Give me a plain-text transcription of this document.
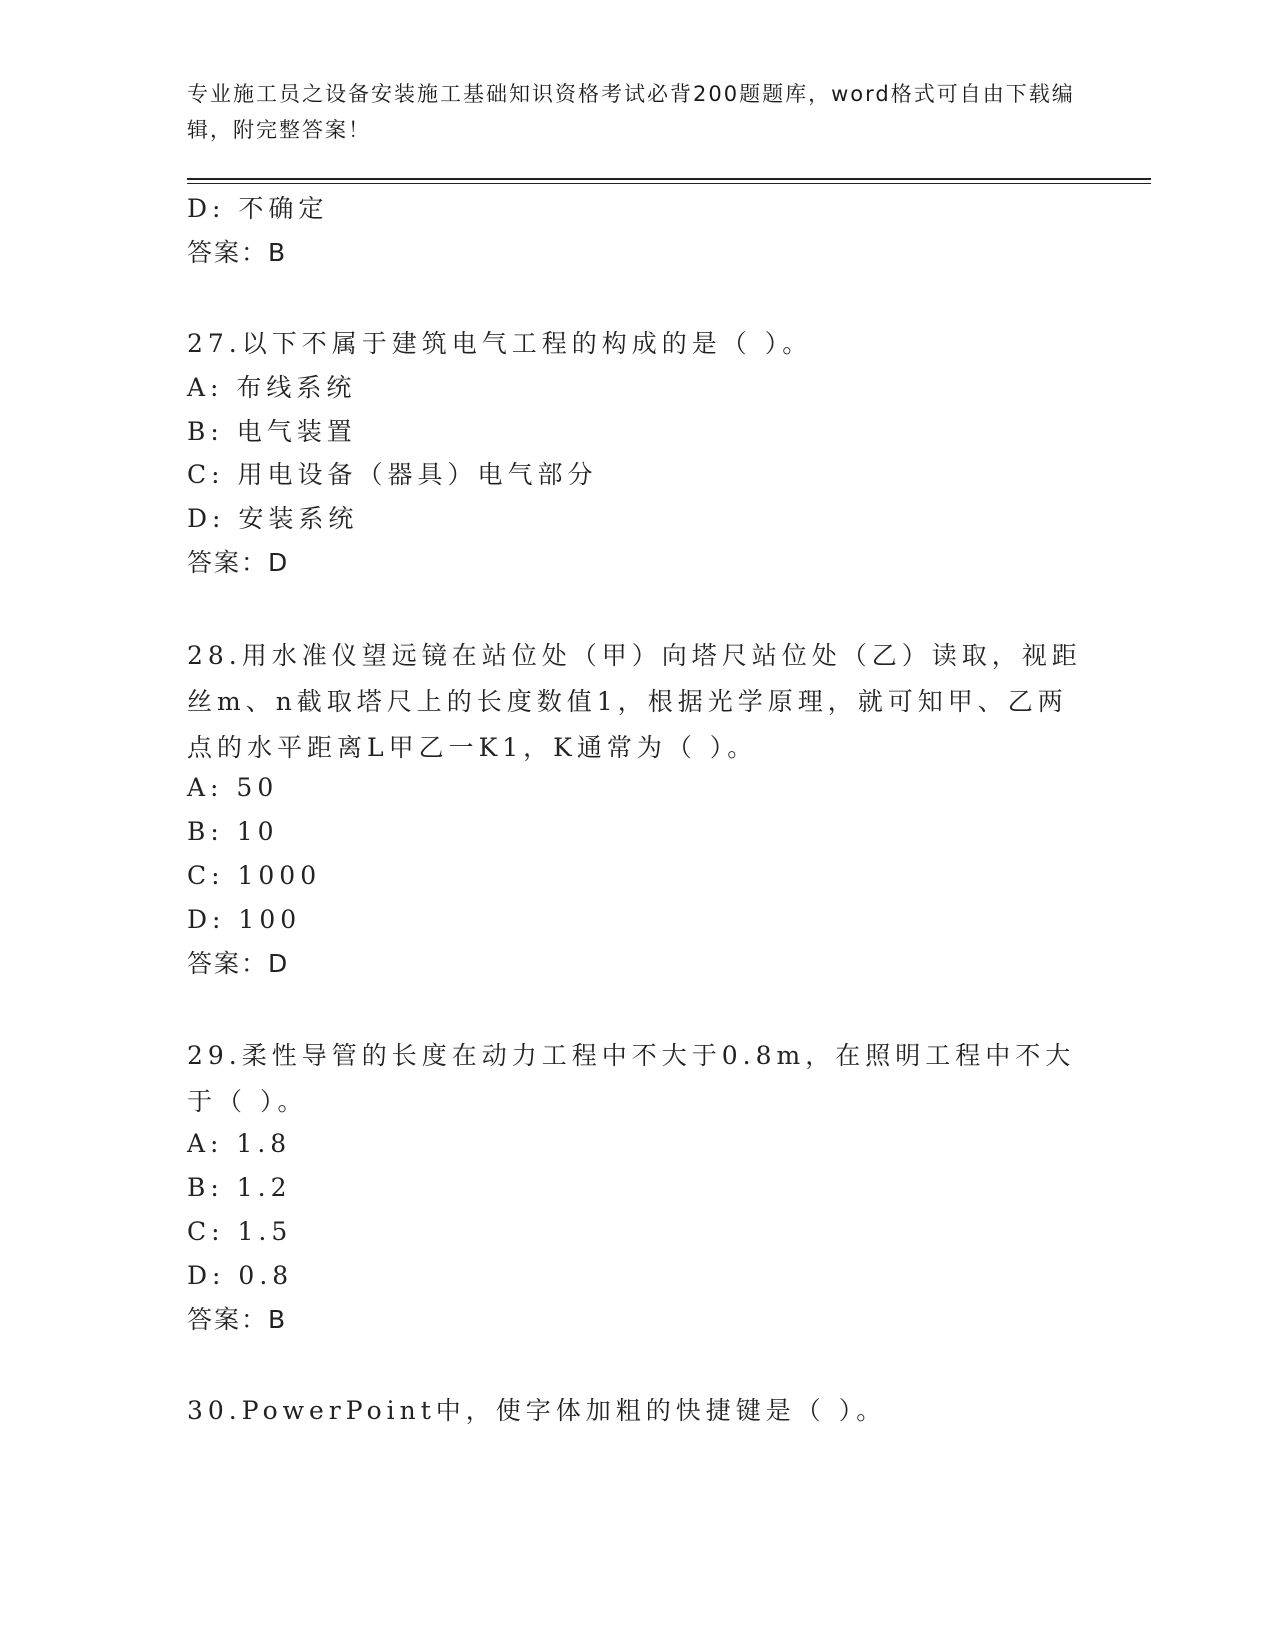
专业施工员之设备安装施工基础知识资格考试必背200题题库，word格式可自由下载编辑，附完整答案！
D: 不确定
答案：B
27.以下不属于建筑电气工程的构成的是（ ）。
A: 布线系统
B: 电气装置
C: 用电设备（器具）电气部分
D: 安装系统
答案：D
28.用水准仪望远镜在站位处（甲）向塔尺站位处（乙）读取，视距丝m、n截取塔尺上的长度数值1，根据光学原理，就可知甲、乙两点的水平距离L甲乙一K1，K通常为（ ）。
A: 50
B: 10
C: 1000
D: 100
答案：D
29.柔性导管的长度在动力工程中不大于0.8m，在照明工程中不大于（ ）。
A: 1.8
B: 1.2
C: 1.5
D: 0.8
答案：B
30.PowerPoint中，使字体加粗的快捷键是（ ）。
